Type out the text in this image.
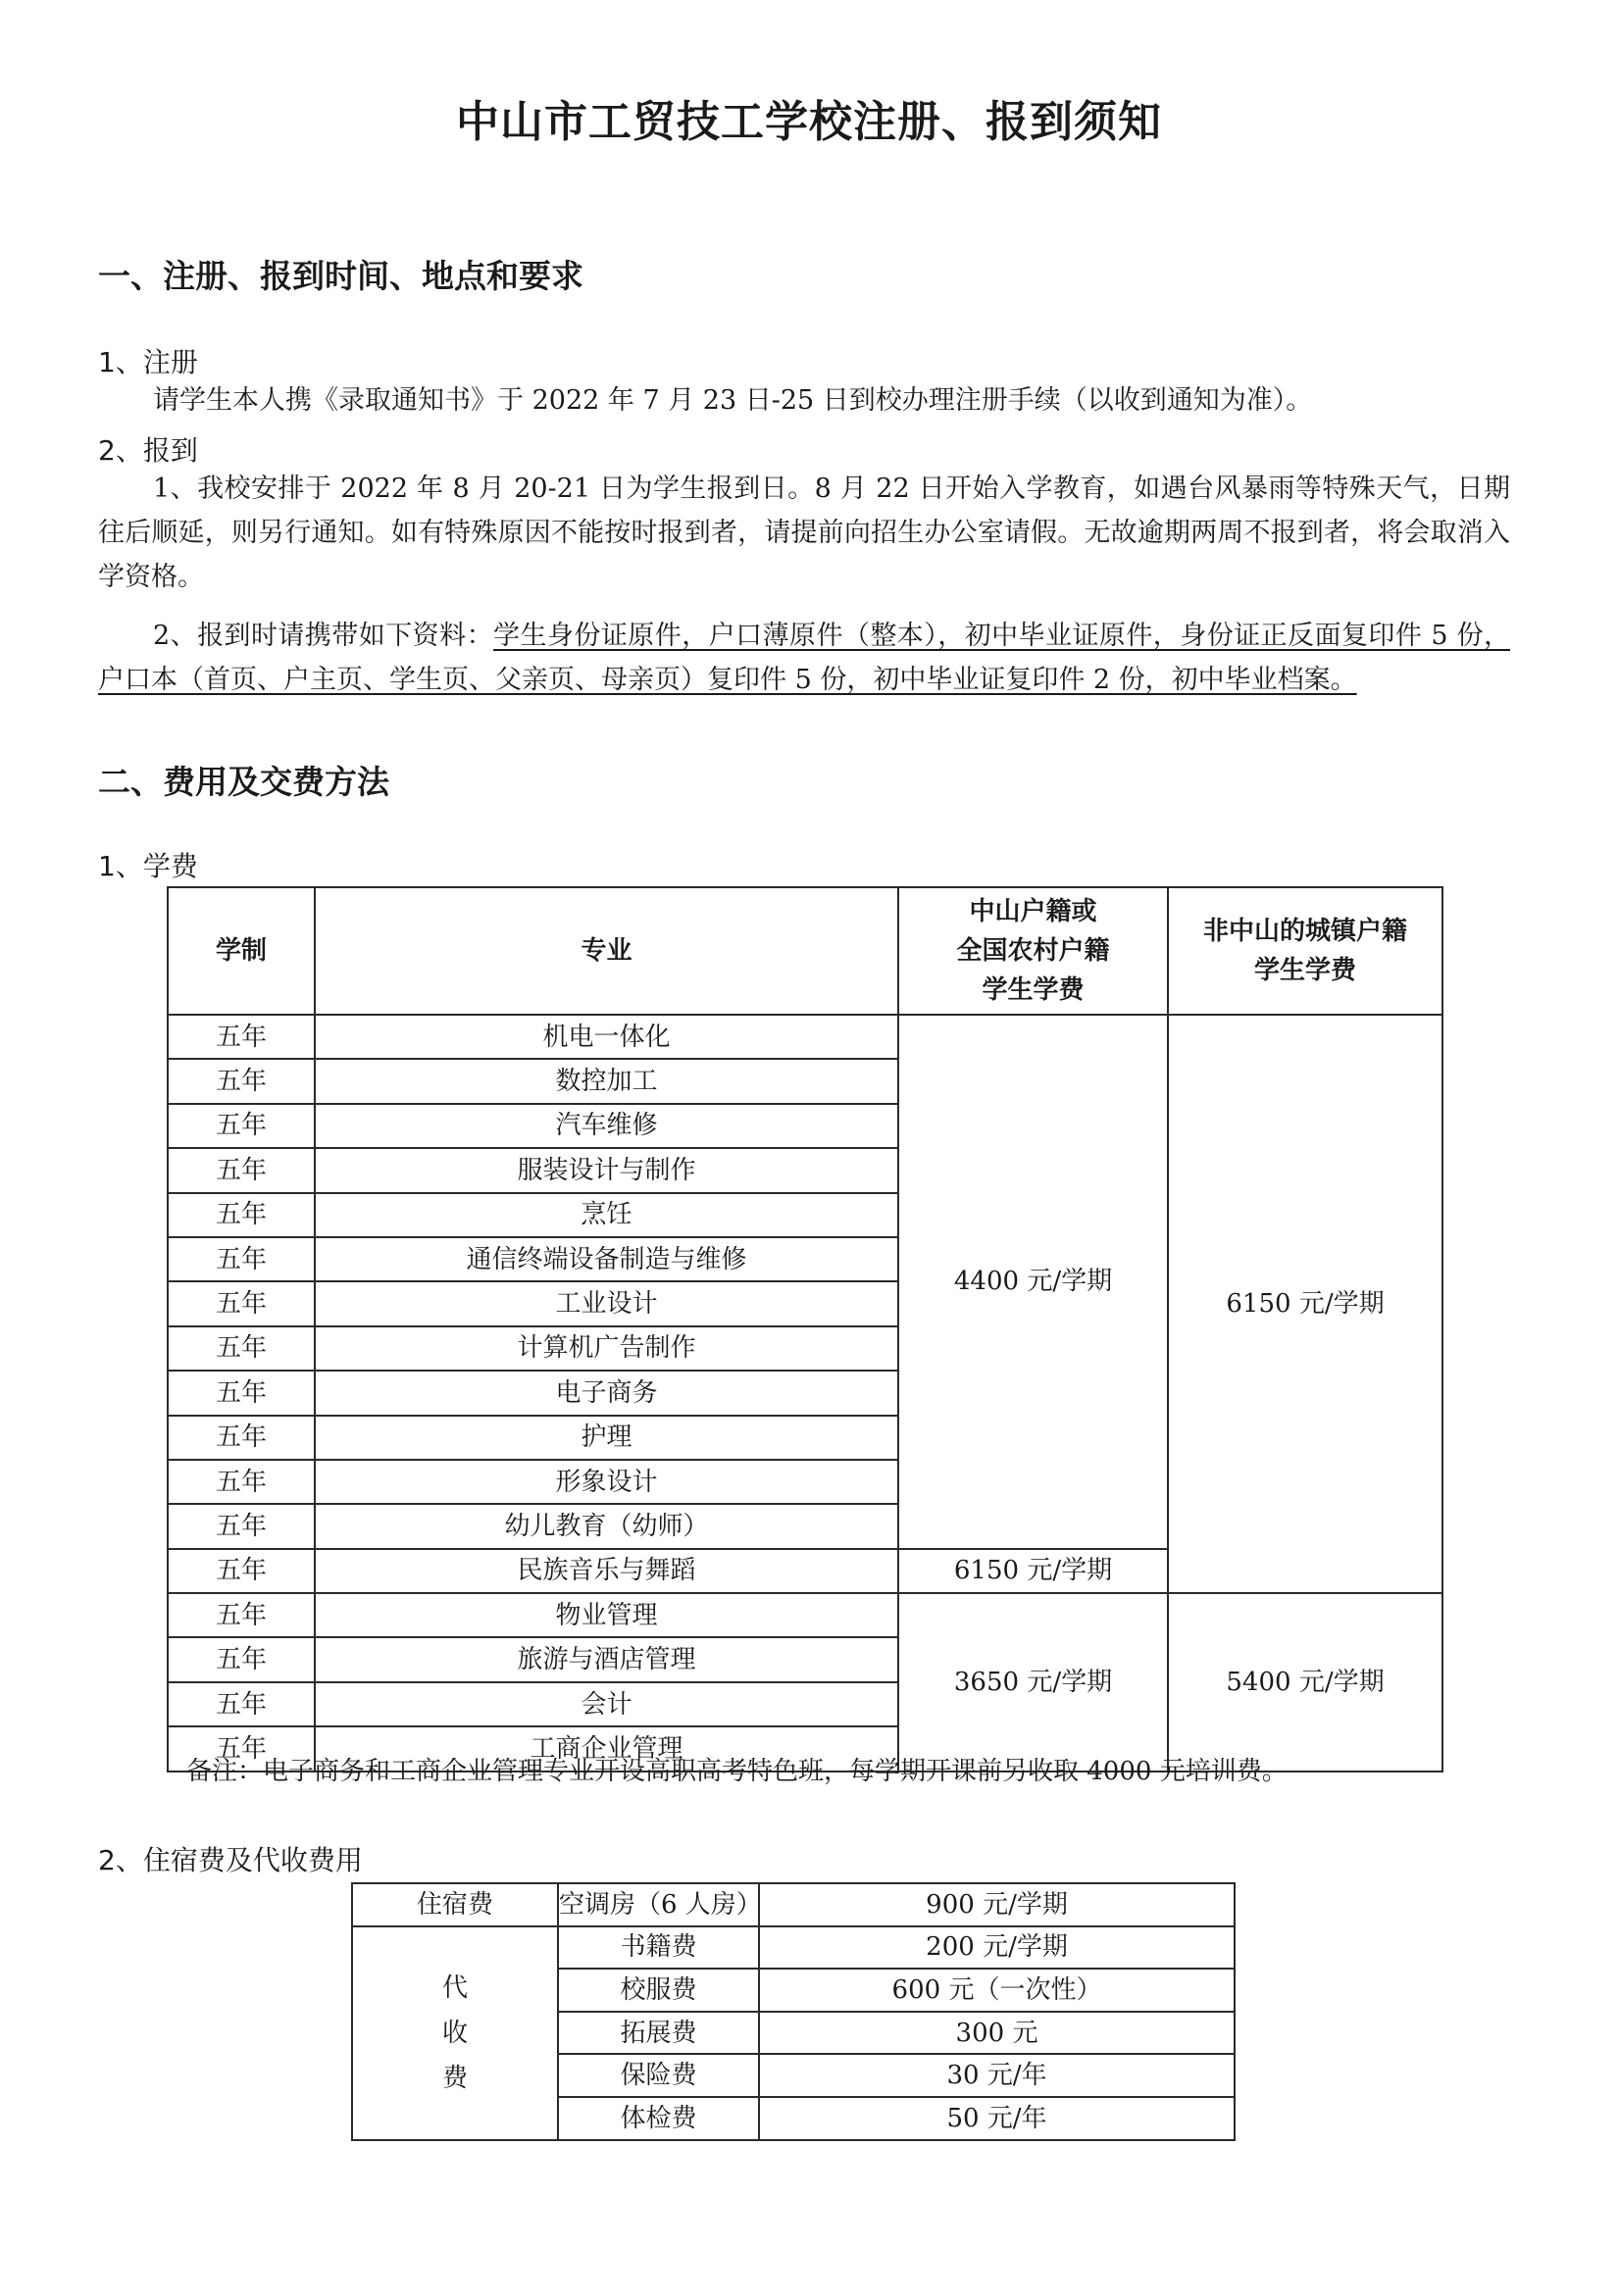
中山市工贸技工学校注册、报到须知
一、注册、报到时间、地点和要求
1、注册
请学生本人携《录取通知书》于 2022 年 7 月 23 日-25 日到校办理注册手续（以收到通知为准）。
2、报到
1、我校安排于 2022 年 8 月 20-21 日为学生报到日。8 月 22 日开始入学教育，如遇台风暴雨等特殊天气，日期往后顺延，则另行通知。如有特殊原因不能按时报到者，请提前向招生办公室请假。无故逾期两周不报到者，将会取消入学资格。
2、报到时请携带如下资料：学生身份证原件，户口薄原件（整本），初中毕业证原件，身份证正反面复印件 5 份，户口本（首页、户主页、学生页、父亲页、母亲页）复印件 5 份，初中毕业证复印件 2 份，初中毕业档案。
二、费用及交费方法
1、学费
学制	专业	中山户籍或
全国农村户籍
学生学费	非中山的城镇户籍
学生学费
五年	机电一体化	4400 元/学期	6150 元/学期
五年	数控加工		
五年	汽车维修		
五年	服装设计与制作		
五年	烹饪		
五年	通信终端设备制造与维修		
五年	工业设计		
五年	计算机广告制作		
五年	电子商务		
五年	护理		
五年	形象设计		
五年	幼儿教育（幼师）		
五年	民族音乐与舞蹈	6150 元/学期	
五年	物业管理	3650 元/学期	5400 元/学期
五年	旅游与酒店管理		
五年	会计		
五年	工商企业管理		
备注：电子商务和工商企业管理专业开设高职高考特色班，每学期开课前另收取 4000 元培训费。
2、住宿费及代收费用
住宿费	空调房（6 人房）	900 元/学期
代
收
费	书籍费	200 元/学期
	校服费	600 元（一次性）
	拓展费	300 元
	保险费	30 元/年
	体检费	50 元/年
